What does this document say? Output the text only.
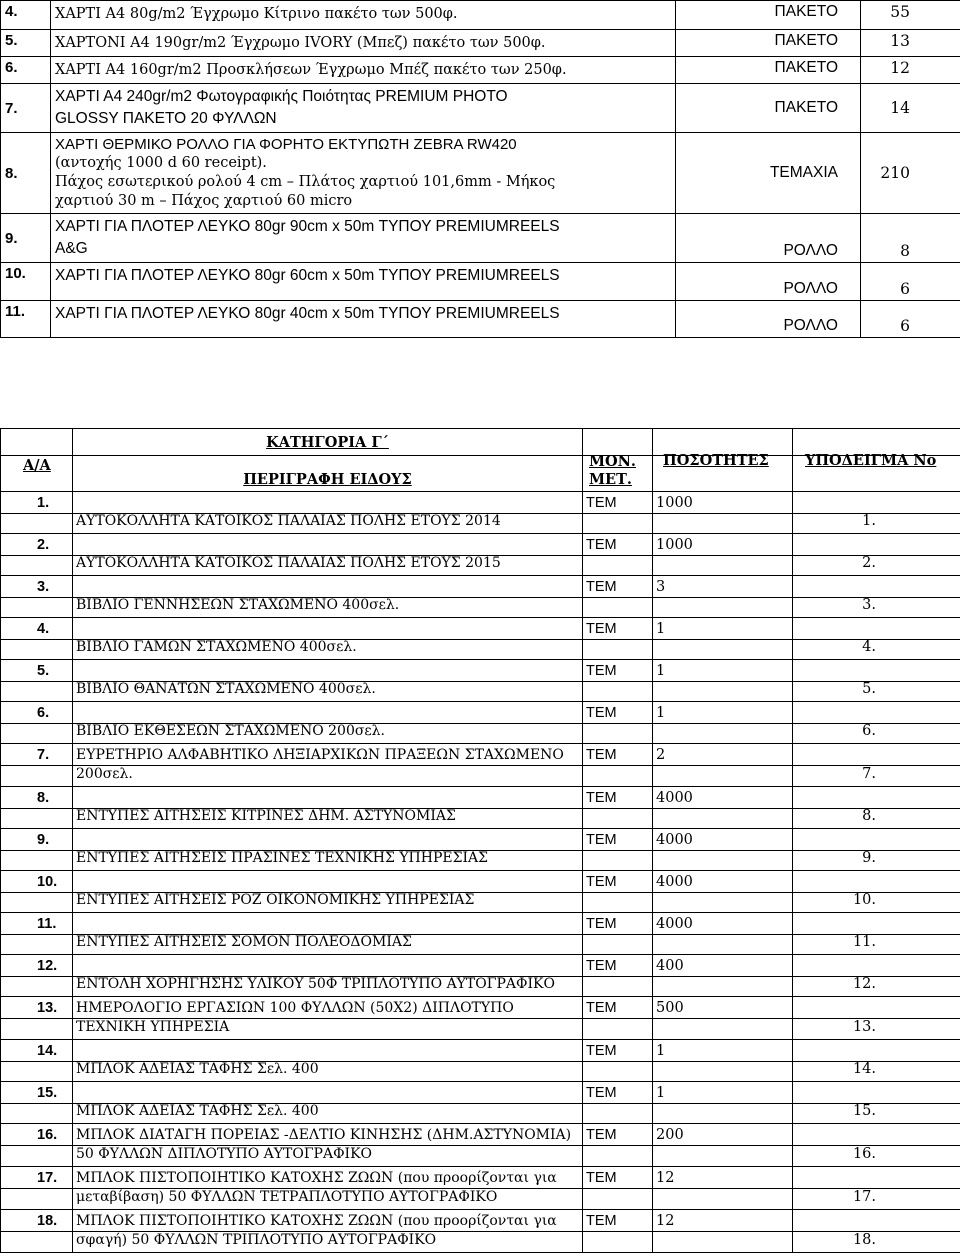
4.	ΧΑΡΤΙ Α4 80g/m2 Έγχρωμο Κίτρινο πακέτο των 500φ.	ΠΑΚΕΤΟ	55
5.	ΧΑΡΤΟΝΙ Α4 190gr/m2 Έγχρωμο IVORY (Μπεζ) πακέτο των 500φ.	ΠΑΚΕΤΟ	13
6.	ΧΑΡΤΙ Α4 160gr/m2 Προσκλήσεων Έγχρωμο Μπέζ πακέτο των 250φ.	ΠΑΚΕΤΟ	12
7.	ΧΑΡΤΙ Α4 240gr/m2 Φωτογραφικής Ποιότητας PREMIUM PHOTO
GLOSSY ΠΑΚΕΤΟ 20 ΦΥΛΛΩΝ	ΠΑΚΕΤΟ	14
8.	ΧΑΡΤΙ ΘΕΡΜΙΚΟ ΡΟΛΛΟ ΓΙΑ ΦΟΡΗΤΟ ΕΚΤΥΠΩΤΗ ZEBRA RW420
(αντοχής 1000 d 60 receipt).
Πάχος εσωτερικού ρολού 4 cm – Πλάτος χαρτιού 101,6mm - Μήκος
χαρτιού 30 m – Πάχος χαρτιού 60 micro	ΤΕΜΑΧΙΑ	210
9.	ΧΑΡΤΙ ΓΙΑ ΠΛΟΤΕΡ ΛΕΥΚΟ 80gr 90cm x 50m ΤΥΠΟΥ PREMIUMREELS
A&G	ΡΟΛΛΟ	8
10.	ΧΑΡΤΙ ΓΙΑ ΠΛΟΤΕΡ ΛΕΥΚΟ 80gr 60cm x 50m ΤΥΠΟΥ PREMIUMREELS	ΡΟΛΛΟ	6
11.	ΧΑΡΤΙ ΓΙΑ ΠΛΟΤΕΡ ΛΕΥΚΟ 80gr 40cm x 50m ΤΥΠΟΥ PREMIUMREELS	ΡΟΛΛΟ	6
Α/Α	ΚΑΤΗΓΟΡΙΑ Γ΄
ΠΕΡΙΓΡΑΦΗ ΕΙΔΟΥΣ	ΜΟΝ. ΜΕΤ.	ΠΟΣΟΤΗΤΕΣ	ΥΠΟΔΕΙΓΜΑ Νο
1.	ΑΥΤΟΚΟΛΛΗΤΑ ΚΑΤΟΙΚΟΣ ΠΑΛΑΙΑΣ ΠΟΛΗΣ ΕΤΟΥΣ 2014	ΤΕΜ	1000	1.
2.	ΑΥΤΟΚΟΛΛΗΤΑ ΚΑΤΟΙΚΟΣ ΠΑΛΑΙΑΣ ΠΟΛΗΣ ΕΤΟΥΣ 2015	ΤΕΜ	1000	2.
3.	ΒΙΒΛΙΟ ΓΕΝΝΗΣΕΩΝ ΣΤΑΧΩΜΕΝΟ 400σελ.	ΤΕΜ	3	3.
4.	ΒΙΒΛΙΟ ΓΑΜΩΝ ΣΤΑΧΩΜΕΝΟ 400σελ.	ΤΕΜ	1	4.
5.	ΒΙΒΛΙΟ ΘΑΝΑΤΩΝ ΣΤΑΧΩΜΕΝΟ 400σελ.	ΤΕΜ	1	5.
6.	ΒΙΒΛΙΟ ΕΚΘΕΣΕΩΝ ΣΤΑΧΩΜΕΝΟ 200σελ.	ΤΕΜ	1	6.
7.	ΕΥΡΕΤΗΡΙΟ ΑΛΦΑΒΗΤΙΚΟ ΛΗΞΙΑΡΧΙΚΩΝ ΠΡΑΞΕΩΝ ΣΤΑΧΩΜΕΝΟ 200σελ.	ΤΕΜ	2	7.
8.	ΕΝΤΥΠΕΣ ΑΙΤΗΣΕΙΣ ΚΙΤΡΙΝΕΣ ΔΗΜ. ΑΣΤΥΝΟΜΙΑΣ	ΤΕΜ	4000	8.
9.	ΕΝΤΥΠΕΣ ΑΙΤΗΣΕΙΣ ΠΡΑΣΙΝΕΣ ΤΕΧΝΙΚΗΣ ΥΠΗΡΕΣΙΑΣ	ΤΕΜ	4000	9.
10.	ΕΝΤΥΠΕΣ ΑΙΤΗΣΕΙΣ ΡΟΖ ΟΙΚΟΝΟΜΙΚΗΣ ΥΠΗΡΕΣΙΑΣ	ΤΕΜ	4000	10.
11.	ΕΝΤΥΠΕΣ ΑΙΤΗΣΕΙΣ ΣΟΜΟΝ ΠΟΛΕΟΔΟΜΙΑΣ	ΤΕΜ	4000	11.
12.	ΕΝΤΟΛΗ ΧΟΡΗΓΗΣΗΣ ΥΛΙΚΟΥ 50Φ ΤΡΙΠΛΟΤΥΠΟ ΑΥΤΟΓΡΑΦΙΚΟ	ΤΕΜ	400	12.
13.	ΗΜΕΡΟΛΟΓΙΟ ΕΡΓΑΣΙΩΝ 100 ΦΥΛΛΩΝ (50Χ2) ΔΙΠΛΟΤΥΠΟ ΤΕΧΝΙΚΗ ΥΠΗΡΕΣΙΑ	ΤΕΜ	500	13.
14.	ΜΠΛΟΚ ΑΔΕΙΑΣ ΤΑΦΗΣ Σελ. 400	ΤΕΜ	1	14.
15.	ΜΠΛΟΚ ΑΔΕΙΑΣ ΤΑΦΗΣ Σελ. 400	ΤΕΜ	1	15.
16.	ΜΠΛΟΚ ΔΙΑΤΑΓΗ ΠΟΡΕΙΑΣ -ΔΕΛΤΙΟ ΚΙΝΗΣΗΣ (ΔΗΜ.ΑΣΤΥΝΟΜΙΑ) 50 ΦΥΛΛΩΝ ΔΙΠΛΟΤΥΠΟ ΑΥΤΟΓΡΑΦΙΚΟ	ΤΕΜ	200	16.
17.	ΜΠΛΟΚ ΠΙΣΤΟΠΟΙΗΤΙΚΟ ΚΑΤΟΧΗΣ ΖΩΩΝ (που προορίζονται για μεταβίβαση) 50 ΦΥΛΛΩΝ ΤΕΤΡΑΠΛΟΤΥΠΟ ΑΥΤΟΓΡΑΦΙΚΟ	ΤΕΜ	12	17.
18.	ΜΠΛΟΚ ΠΙΣΤΟΠΟΙΗΤΙΚΟ ΚΑΤΟΧΗΣ ΖΩΩΝ (που προορίζονται για σφαγή) 50 ΦΥΛΛΩΝ ΤΡΙΠΛΟΤΥΠΟ ΑΥΤΟΓΡΑΦΙΚΟ	ΤΕΜ	12	18.
